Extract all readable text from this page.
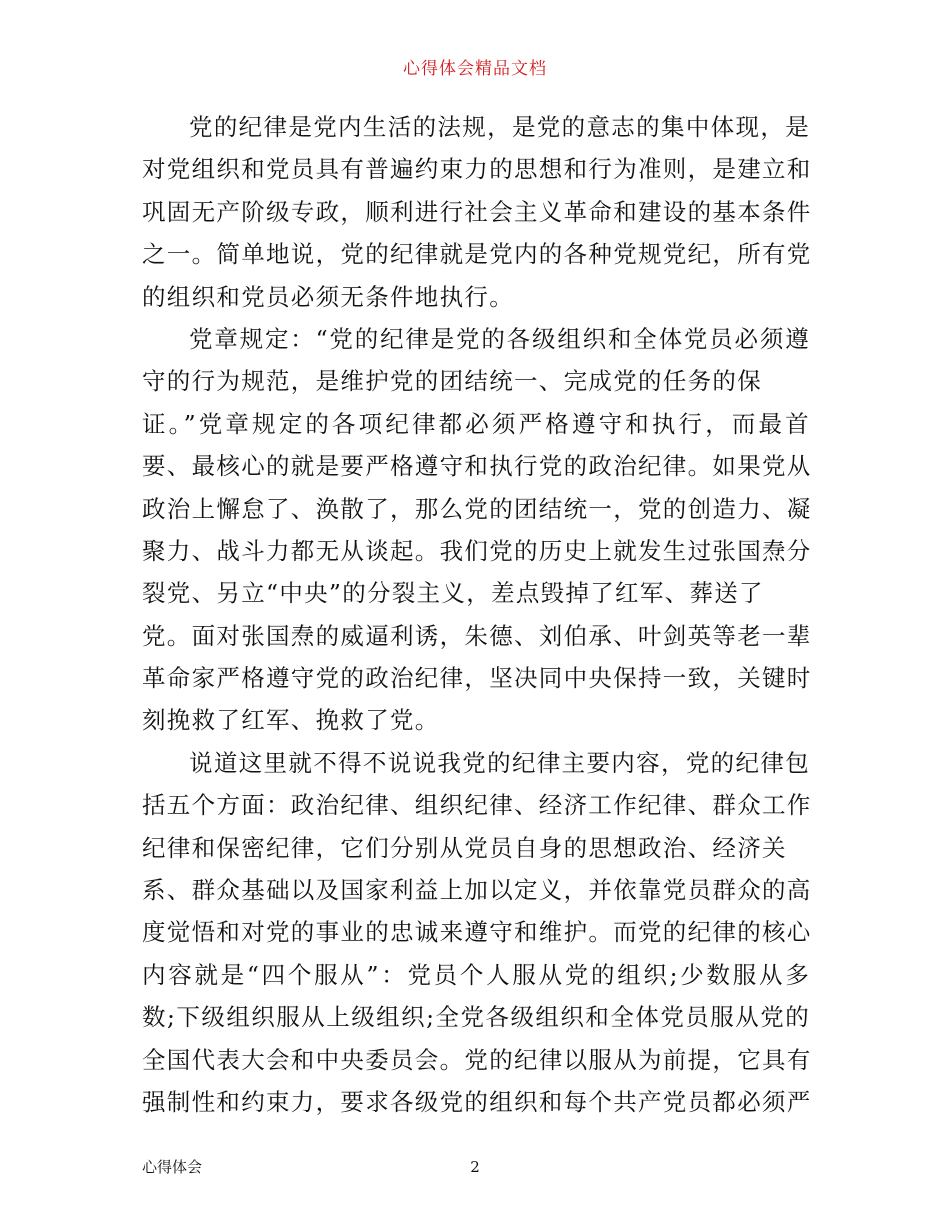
心得体会精品文档
党的纪律是党内生活的法规，是党的意志的集中体现，是
对党组织和党员具有普遍约束力的思想和行为准则，是建立和
巩固无产阶级专政，顺利进行社会主义革命和建设的基本条件
之一。简单地说，党的纪律就是党内的各种党规党纪，所有党
的组织和党员必须无条件地执行。
党章规定：“党的纪律是党的各级组织和全体党员必须遵
守的行为规范，是维护党的团结统一、完成党的任务的保
证。”党章规定的各项纪律都必须严格遵守和执行，而最首
要、最核心的就是要严格遵守和执行党的政治纪律。如果党从
政治上懈怠了、涣散了，那么党的团结统一，党的创造力、凝
聚力、战斗力都无从谈起。我们党的历史上就发生过张国焘分
裂党、另立“中央”的分裂主义，差点毁掉了红军、葬送了
党。面对张国焘的威逼利诱，朱德、刘伯承、叶剑英等老一辈
革命家严格遵守党的政治纪律，坚决同中央保持一致，关键时
刻挽救了红军、挽救了党。
说道这里就不得不说说我党的纪律主要内容，党的纪律包
括五个方面：政治纪律、组织纪律、经济工作纪律、群众工作
纪律和保密纪律，它们分别从党员自身的思想政治、经济关
系、群众基础以及国家利益上加以定义，并依靠党员群众的高
度觉悟和对党的事业的忠诚来遵守和维护。而党的纪律的核心
内容就是“四个服从”：党员个人服从党的组织;少数服从多
数;下级组织服从上级组织;全党各级组织和全体党员服从党的
全国代表大会和中央委员会。党的纪律以服从为前提，它具有
强制性和约束力，要求各级党的组织和每个共产党员都必须严
心得体会	2
